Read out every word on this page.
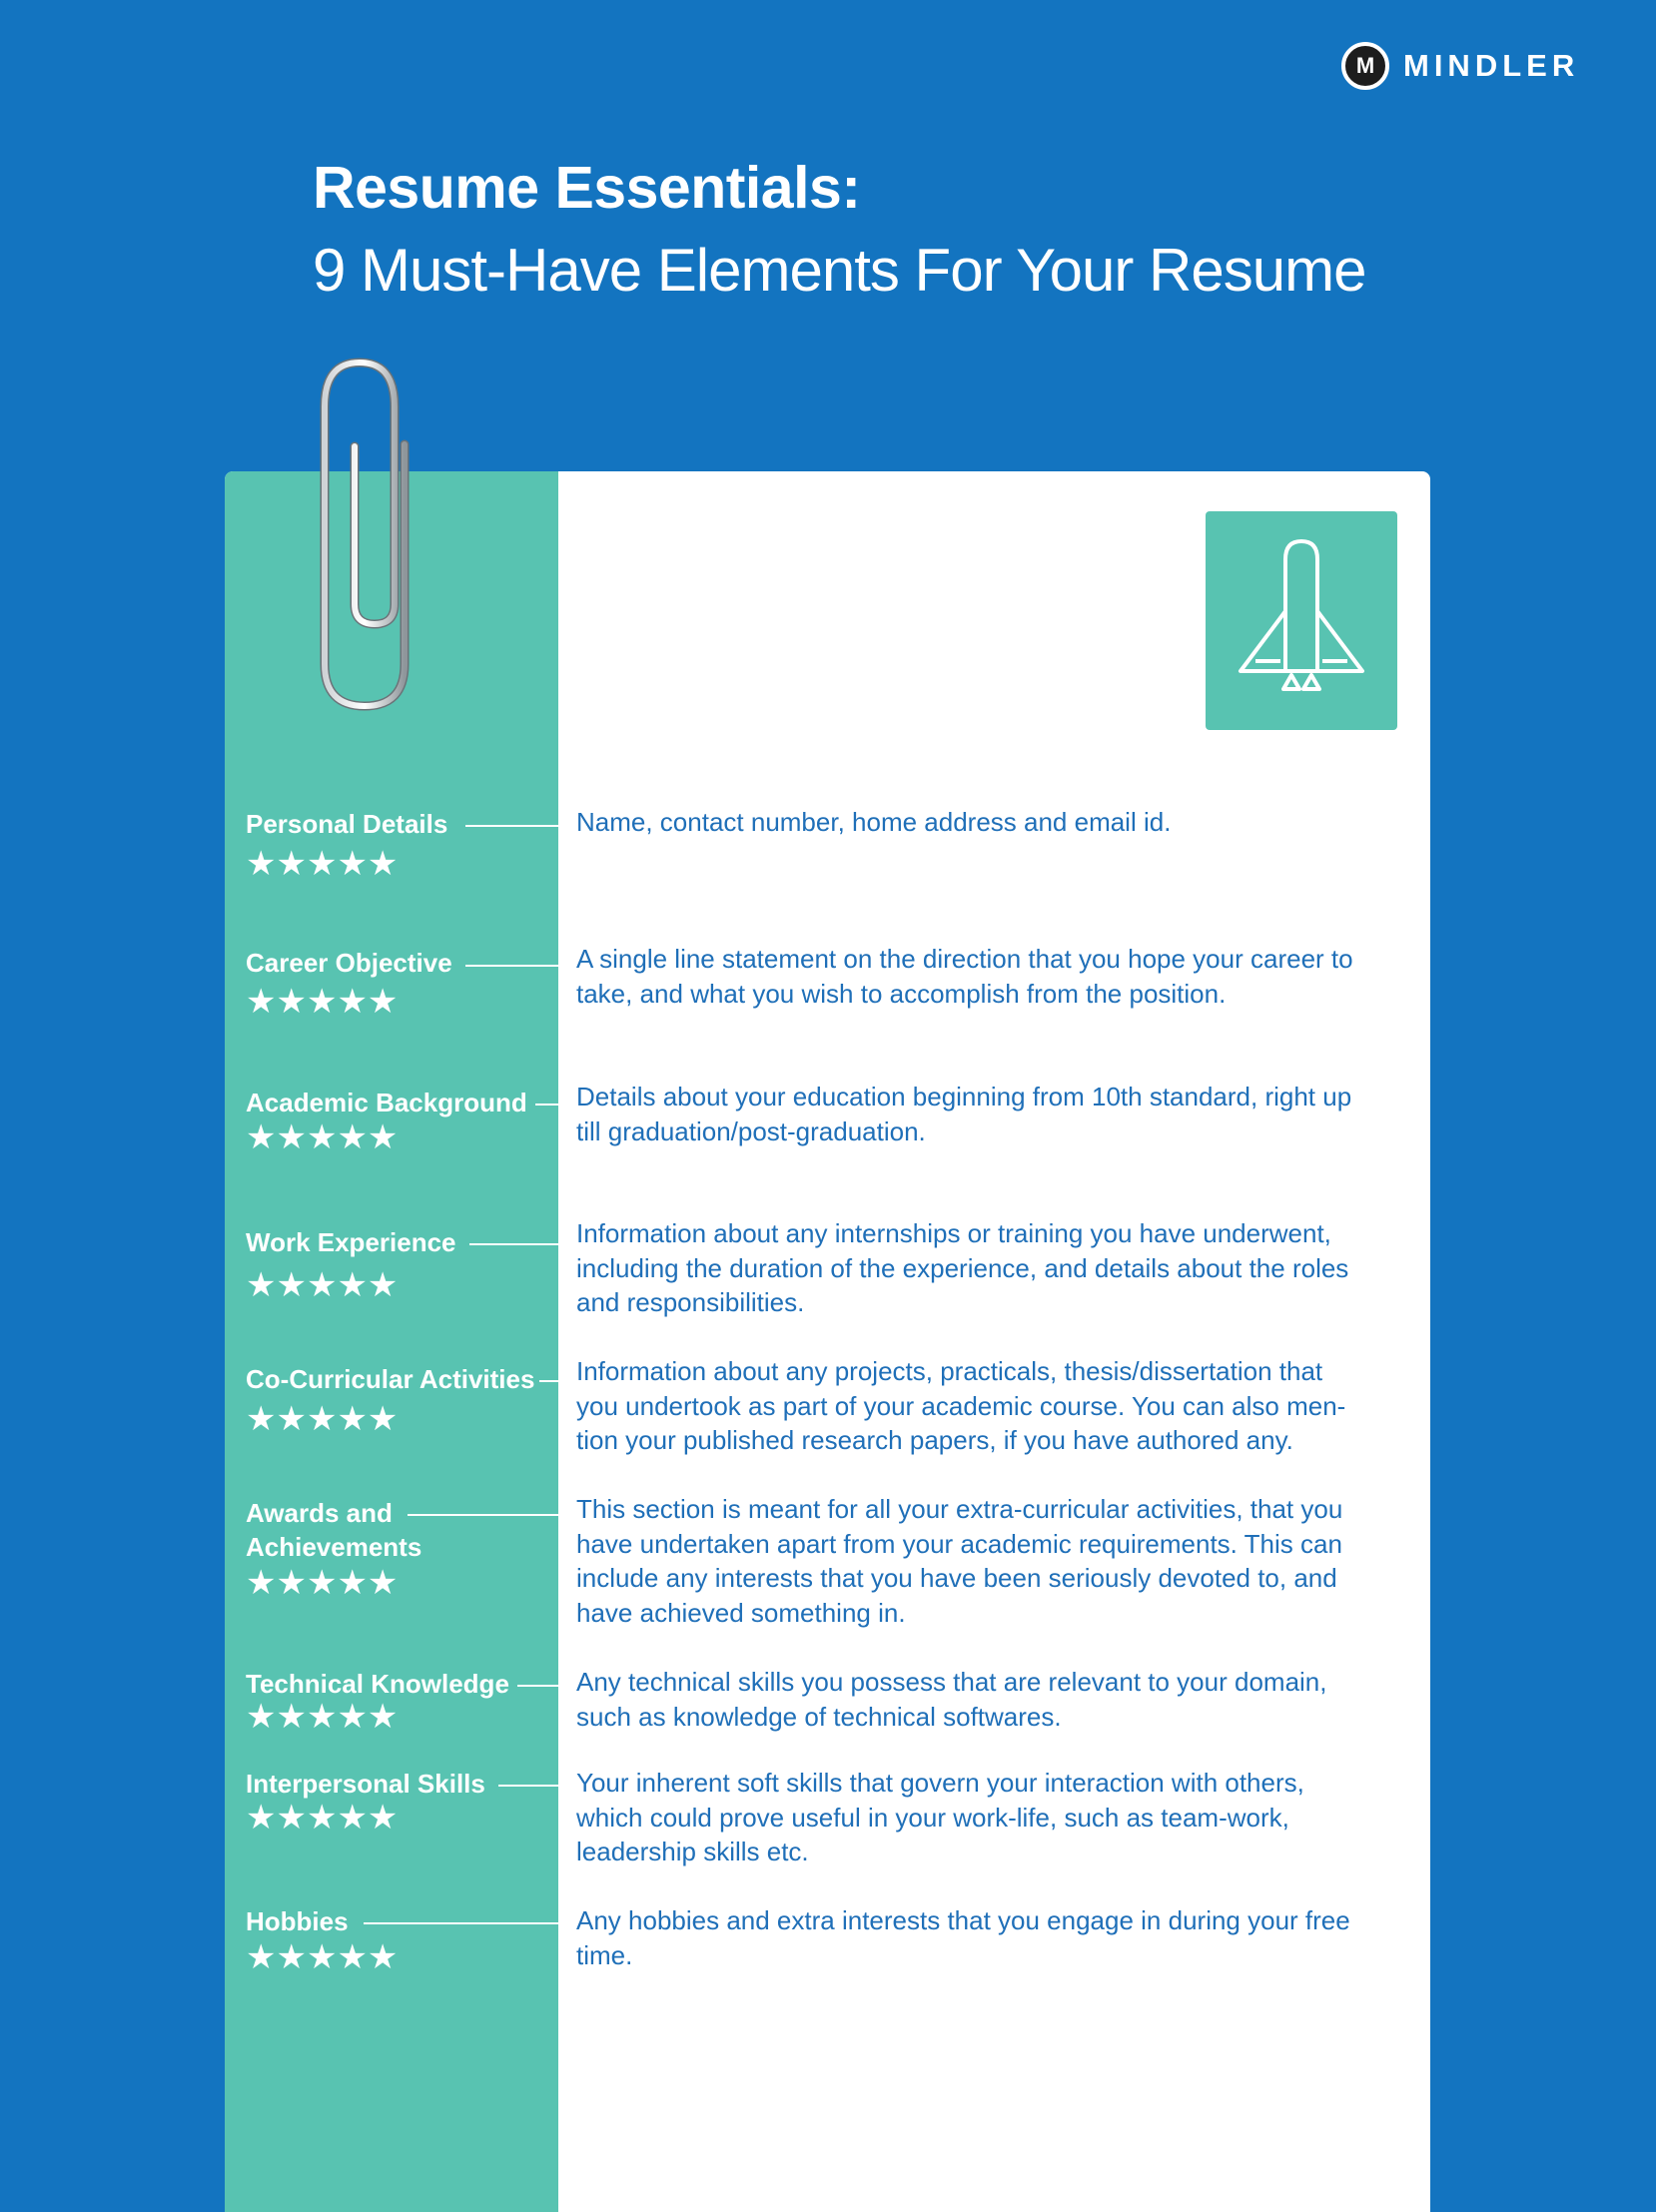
M MINDLER
Resume Essentials:
9 Must-Have Elements For Your Resume
Personal Details
★★★★★
Name, contact number, home address and email id.
Career Objective
★★★★★
A single line statement on the direction that you hope your career to take, and what you wish to accomplish from the position.
Academic Background
★★★★★
Details about your education beginning from 10th standard, right up till graduation/post-graduation.
Work Experience
★★★★★
Information about any internships or training you have underwent, including the duration of the experience, and details about the roles and responsibilities.
Co-Curricular Activities
★★★★★
Information about any projects, practicals, thesis/dissertation that you undertook as part of your academic course. You can also men-tion your published research papers, if you have authored any.
Awards and Achievements
★★★★★
This section is meant for all your extra-curricular activities, that you have undertaken apart from your academic requirements. This can include any interests that you have been seriously devoted to, and have achieved something in.
Technical Knowledge
★★★★★
Any technical skills you possess that are relevant to your domain, such as knowledge of technical softwares.
Interpersonal Skills
★★★★★
Your inherent soft skills that govern your interaction with others, which could prove useful in your work-life, such as team-work, leadership skills etc.
Hobbies
★★★★★
Any hobbies and extra interests that you engage in during your free time.
